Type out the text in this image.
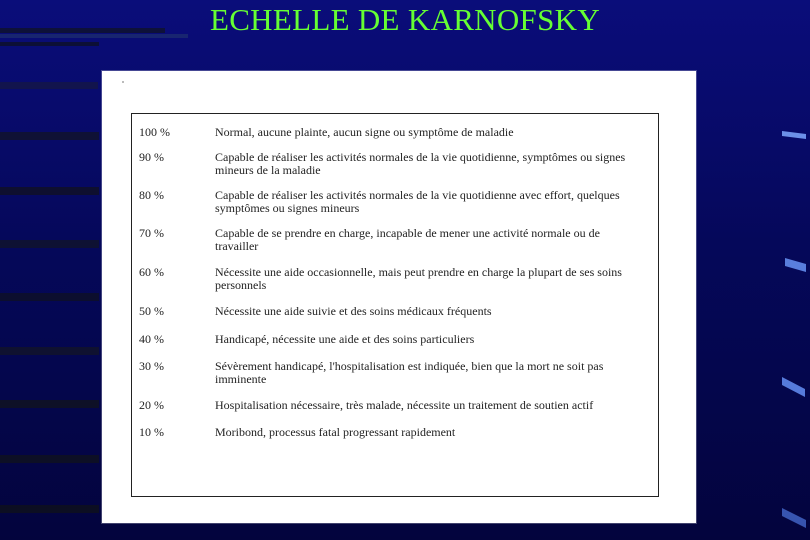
ECHELLE DE KARNOFSKY
100 %	Normal, aucune plainte, aucun signe ou symptôme de maladie
90 %	Capable de réaliser les activités normales de la vie quotidienne, symptômes ou signes
mineurs de la maladie
80 %	Capable de réaliser les activités normales de la vie quotidienne avec effort, quelques
symptômes ou signes mineurs
70 %	Capable de se prendre en charge, incapable de mener une activité normale ou de
travailler
60 %	Nécessite une aide occasionnelle, mais peut prendre en charge la plupart de ses soins
personnels
50 %	Nécessite une aide suivie et des soins médicaux fréquents
40 %	Handicapé, nécessite une aide et des soins particuliers
30 %	Sévèrement handicapé, l'hospitalisation est indiquée, bien que la mort ne soit pas
imminente
20 %	Hospitalisation nécessaire, très malade, nécessite un traitement de soutien actif
10 %	Moribond, processus fatal progressant rapidement
